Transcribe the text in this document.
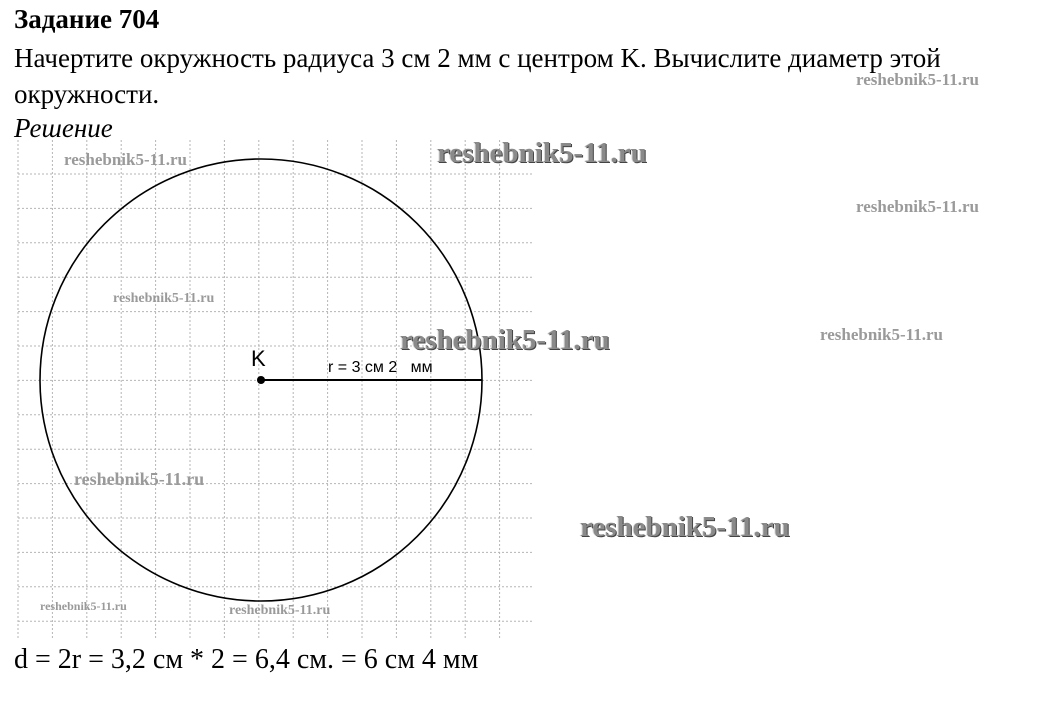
Задание 704
Начертите окружность радиуса 3 см 2 мм с центром K. Вычислите диаметр этой окружности.
Решение
K	r = 3 см 2   мм
d = 2r = 3,2 см * 2 = 6,4 см. = 6 см 4 мм
reshebnik5-11.ru
reshebnik5-11.ru	reshebnik5-11.ru
reshebnik5-11.ru
reshebnik5-11.ru
reshebnik5-11.ru	reshebnik5-11.ru
reshebnik5-11.ru
reshebnik5-11.ru
reshebnik5-11.ru	reshebnik5-11.ru
